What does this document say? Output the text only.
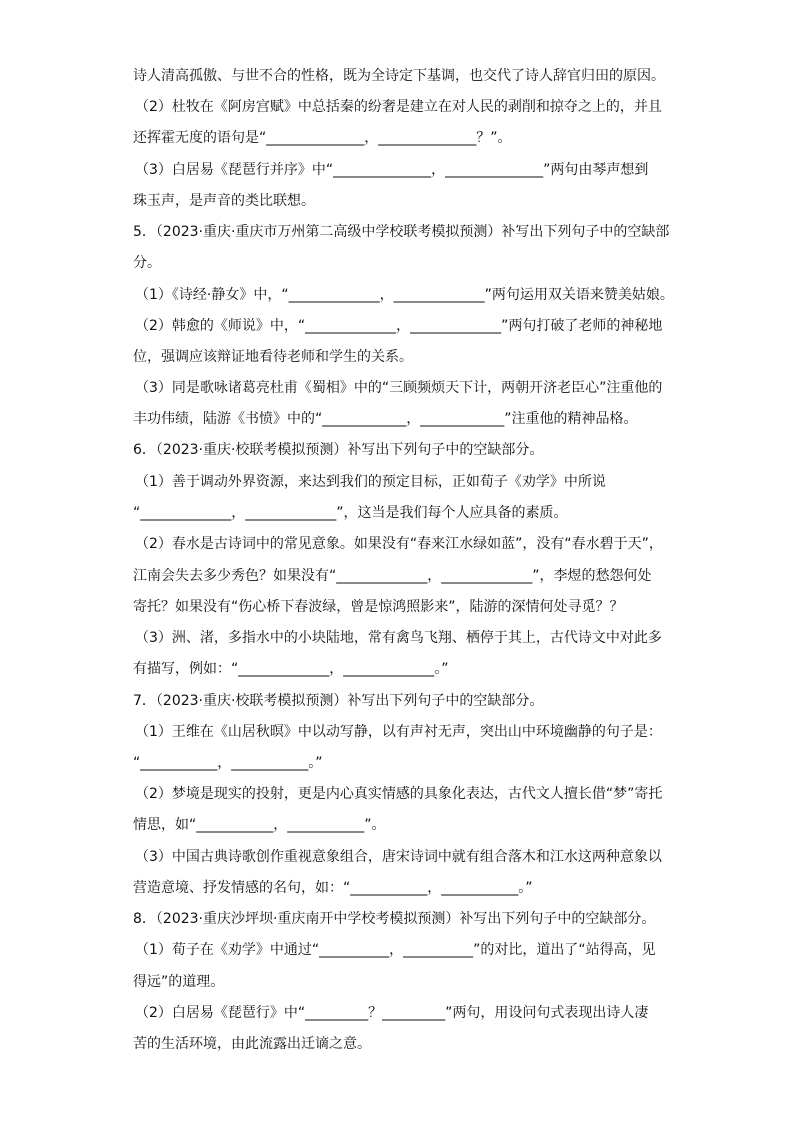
诗人清高孤傲、与世不合的性格，既为全诗定下基调，也交代了诗人辞官归田的原因。
（2）杜牧在《阿房宫赋》中总括秦的纷奢是建立在对人民的剥削和掠夺之上的，并且
还挥霍无度的语句是“______________，______________？”。
（3）白居易《琵琶行并序》中“______________，______________”两句由琴声想到
珠玉声，是声音的类比联想。
5．（2023·重庆·重庆市万州第二高级中学校联考模拟预测）补写出下列句子中的空缺部
分。
（1）《诗经·静女》中，“_____________，_____________”两句运用双关语来赞美姑娘。
（2）韩愈的《师说》中，“_____________，_____________”两句打破了老师的神秘地
位，强调应该辩证地看待老师和学生的关系。
（3）同是歌咏诸葛亮杜甫《蜀相》中的“三顾频烦天下计，两朝开济老臣心”注重他的
丰功伟绩，陆游《书愤》中的“____________，____________”注重他的精神品格。
6．（2023·重庆·校联考模拟预测）补写出下列句子中的空缺部分。
（1）善于调动外界资源，来达到我们的预定目标，正如荀子《劝学》中所说
“_____________，_____________”，这当是我们每个人应具备的素质。
（2）春水是古诗词中的常见意象。如果没有“春来江水绿如蓝”，没有“春水碧于天”，
江南会失去多少秀色？如果没有“_____________，_____________”，李煜的愁怨何处
寄托？如果没有“伤心桥下春波绿，曾是惊鸿照影来”，陆游的深情何处寻觅？？
（3）洲、渚，多指水中的小块陆地，常有禽鸟飞翔、栖停于其上，古代诗文中对此多
有描写，例如：“_____________，_____________。”
7．（2023·重庆·校联考模拟预测）补写出下列句子中的空缺部分。
（1）王维在《山居秋暝》中以动写静，以有声衬无声，突出山中环境幽静的句子是：
“___________，___________。”
（2）梦境是现实的投射，更是内心真实情感的具象化表达，古代文人擅长借“梦”寄托
情思，如“___________，___________”。
（3）中国古典诗歌创作重视意象组合，唐宋诗词中就有组合落木和江水这两种意象以
营造意境、抒发情感的名句，如：“___________，___________。”
8．（2023·重庆沙坪坝·重庆南开中学校考模拟预测）补写出下列句子中的空缺部分。
（1）荀子在《劝学》中通过“__________，__________”的对比，道出了“站得高，见
得远”的道理。
（2）白居易《琵琶行》中“_________？_________”两句，用设问句式表现出诗人凄
苦的生活环境，由此流露出迁谪之意。
